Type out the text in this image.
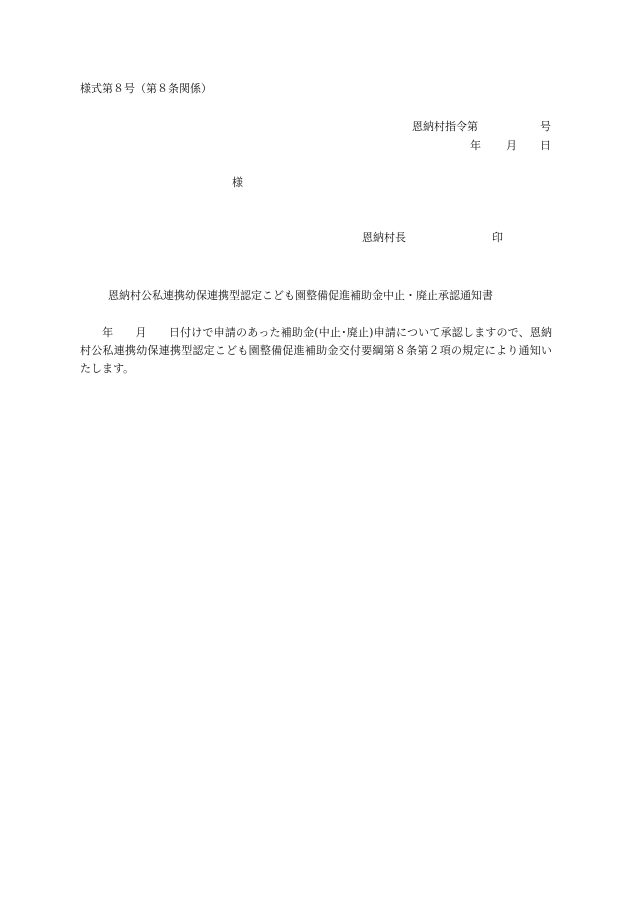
様式第８号（第８条関係）
恩納村指令第	号
年 月 日
様
恩納村長	印
恩納村公私連携幼保連携型認定こども園整備促進補助金中止・廃止承認通知書
年 月 日付けで申請のあった補助金(中止･廃止)申請について承認しますので、恩納村公私連携幼保連携型認定こども園整備促進補助金交付要綱第８条第２項の規定により通知いたします。
